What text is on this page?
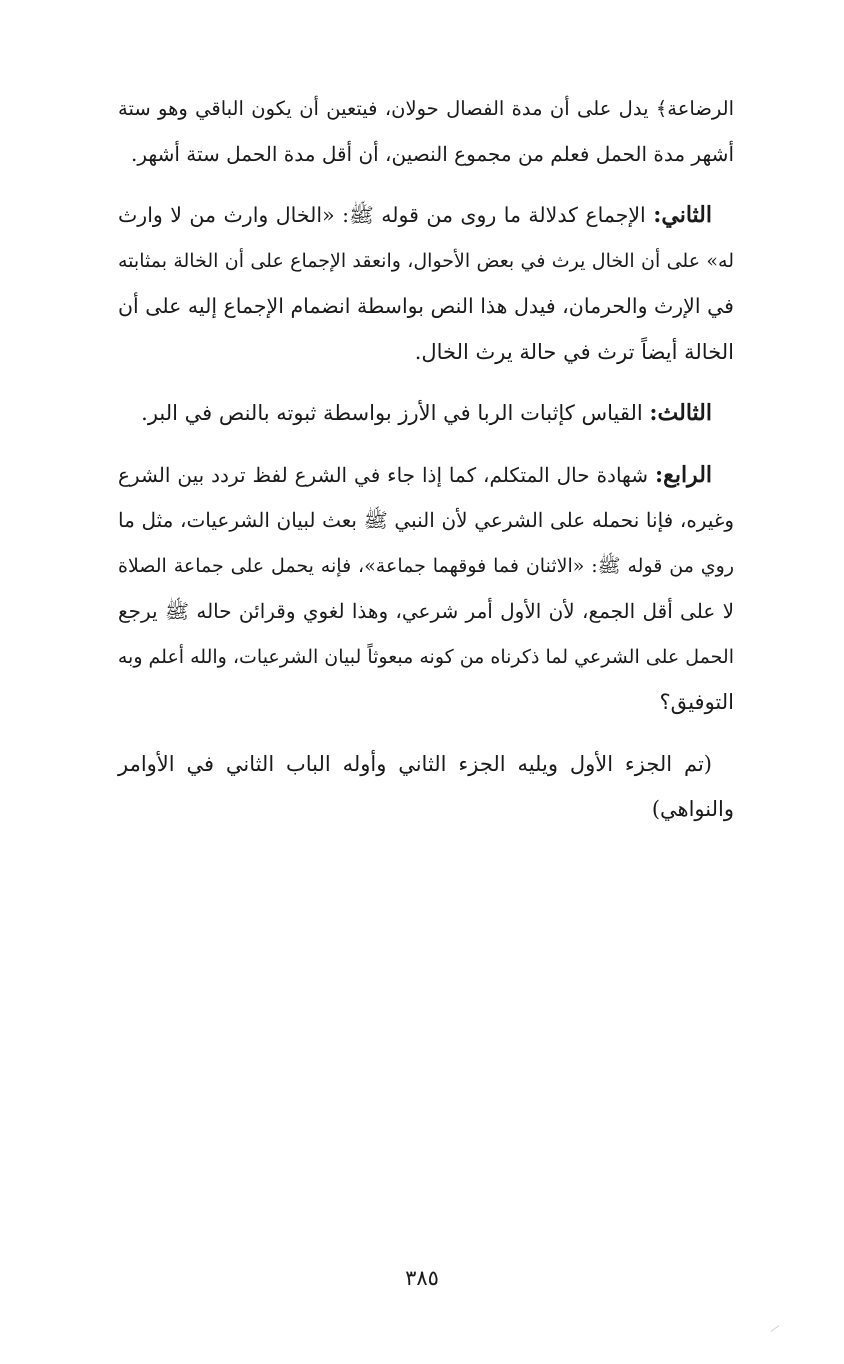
الرضاعة﴾ يدل على أن مدة الفصال حولان، فيتعين أن يكون الباقي وهو ستة
أشهر مدة الحمل فعلم من مجموع النصين، أن أقل مدة الحمل ستة أشهر.
الثاني: الإجماع كدلالة ما روى من قوله ﷺ: «الخال وارث من لا وارث
له» على أن الخال يرث في بعض الأحوال، وانعقد الإجماع على أن الخالة بمثابته
في الإرث والحرمان، فيدل هذا النص بواسطة انضمام الإجماع إليه على أن
الخالة أيضاً ترث في حالة يرث الخال.
الثالث: القياس كإثبات الربا في الأرز بواسطة ثبوته بالنص في البر.
الرابع: شهادة حال المتكلم، كما إذا جاء في الشرع لفظ تردد بين الشرع
وغيره، فإنا نحمله على الشرعي لأن النبي ﷺ بعث لبيان الشرعيات، مثل ما
روي من قوله ﷺ: «الاثنان فما فوقهما جماعة»، فإنه يحمل على جماعة الصلاة
لا على أقل الجمع، لأن الأول أمر شرعي، وهذا لغوي وقرائن حاله ﷺ يرجع
الحمل على الشرعي لما ذكرناه من كونه مبعوثاً لبيان الشرعيات، والله أعلم وبه
التوفيق؟
(تم الجزء الأول ويليه الجزء الثاني وأوله الباب الثاني في الأوامر
والنواهي)
٣٨٥
